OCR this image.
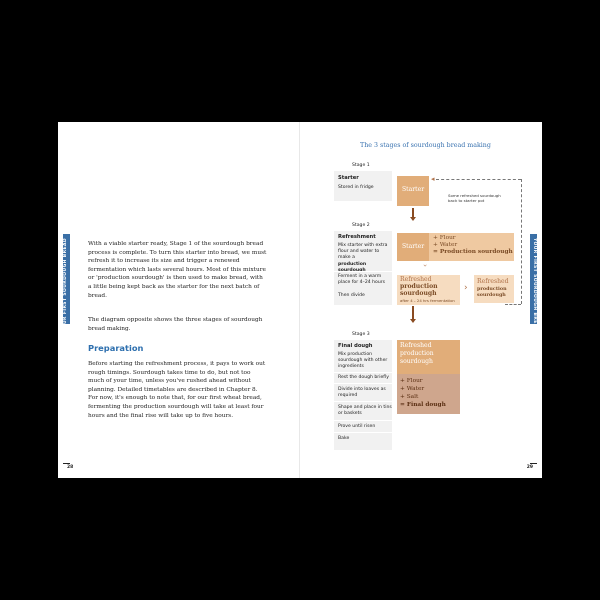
YOUR FIRST SOURDOUGH BREAD
28

With a viable starter ready, Stage 1 of the sourdough bread process is complete. To turn this starter into bread, we must refresh it to increase its size and trigger a renewed fermentation which lasts several hours. Most of this mixture or 'production sourdough' is then used to make bread, with a little being kept back as the starter for the next batch of bread.

The diagram opposite shows the three stages of sourdough bread making.

Preparation

Before starting the refreshment process, it pays to work out rough timings. Sourdough takes time to do, but not too much of your time, unless you've rushed ahead without planning. Detailed timetables are described in Chapter 8. For now, it's enough to note that, for our first wheat bread, fermenting the production sourdough will take at least four hours and the final rise will take up to five hours.

YOUR FIRST SOURDOUGH BREAD
29
The 3 stages of sourdough bread making
Stage 1
Starter
Stored in fridge	Starter
◂
Some refreshed sourdough back to starter pot
Stage 2
Refreshment
Mix starter with extra flour and water to make a
production
Ferment in a warm place for 4–24 hours
Then divide
Starter
+ Flour
+ Water
= Production sourdough
›
Refreshed
production
sourdough
after 4 – 24 hrs fermentation
›
Refreshed
production sourdough
Stage 3
Final dough
Mix production sourdough with other ingredients
Rest the dough briefly
Divide into loaves as required
Shape and place in tins or baskets
Prove until risen
Bake
Refreshed
production
sourdough
+ Flour
+ Water
+ Salt
= Final dough
